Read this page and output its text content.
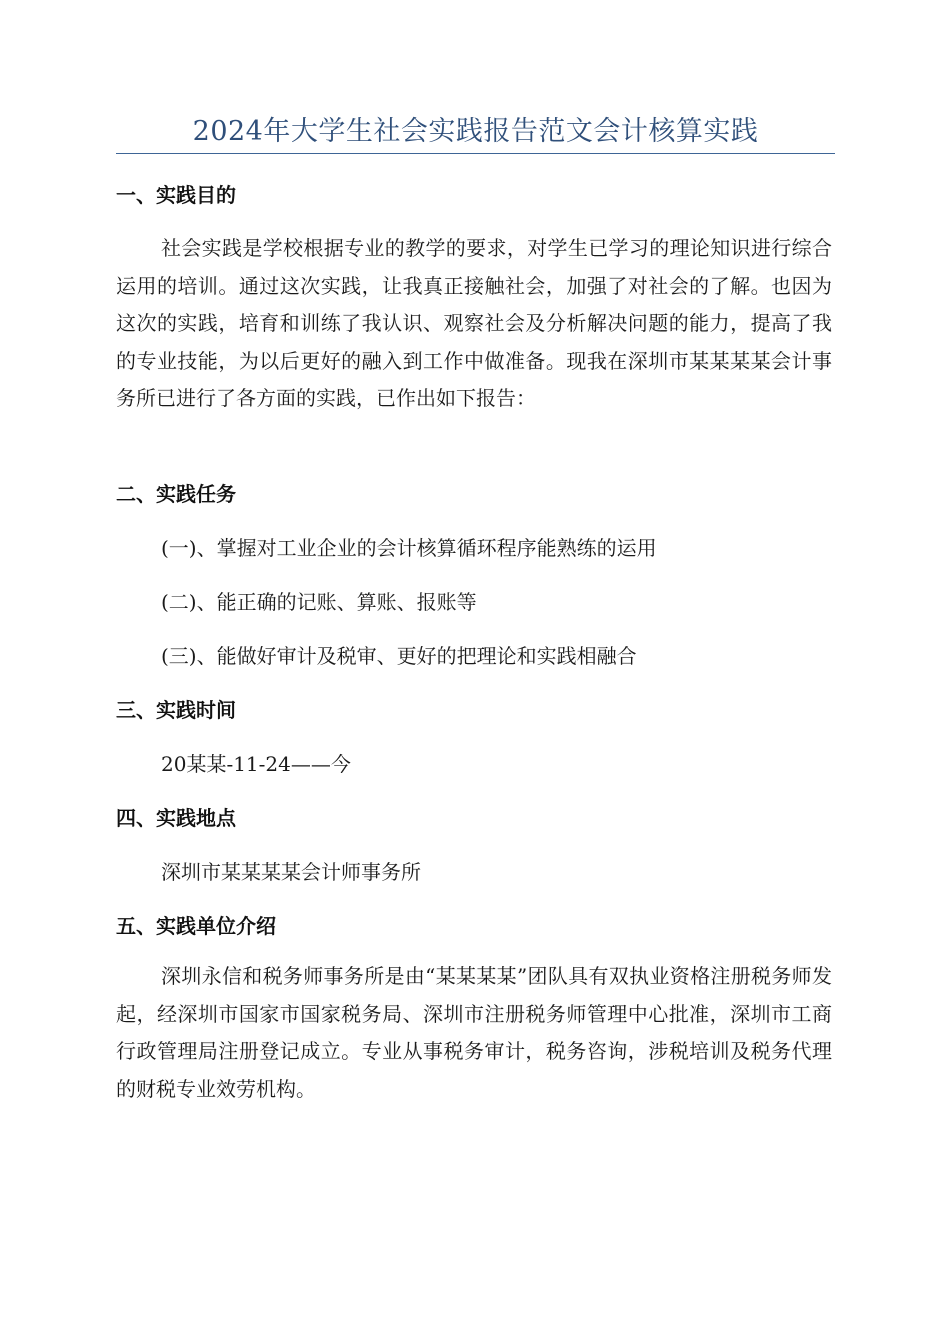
2024年大学生社会实践报告范文会计核算实践
一、实践目的
社会实践是学校根据专业的教学的要求，对学生已学习的理论知识进行综合运用的培训。通过这次实践，让我真正接触社会，加强了对社会的了解。也因为这次的实践，培育和训练了我认识、观察社会及分析解决问题的能力，提高了我的专业技能，为以后更好的融入到工作中做准备。现我在深圳市某某某某会计事务所已进行了各方面的实践，已作出如下报告：
二、实践任务
(一)、掌握对工业企业的会计核算循环程序能熟练的运用
(二)、能正确的记账、算账、报账等
(三)、能做好审计及税审、更好的把理论和实践相融合
三、实践时间
20某某-11-24——今
四、实践地点
深圳市某某某某会计师事务所
五、实践单位介绍
深圳永信和税务师事务所是由“某某某某”团队具有双执业资格注册税务师发起，经深圳市国家市国家税务局、深圳市注册税务师管理中心批准，深圳市工商行政管理局注册登记成立。专业从事税务审计，税务咨询，涉税培训及税务代理的财税专业效劳机构。
